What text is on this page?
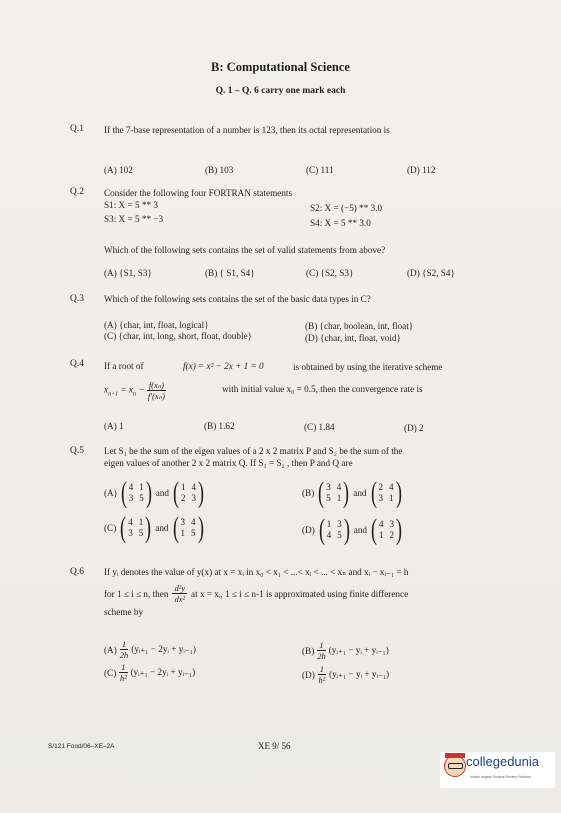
B: Computational Science
Q. 1 – Q. 6 carry one mark each
Q.1 If the 7-base representation of a number is 123, then its octal representation is
(A) 102	(B) 103	(C) 111	(D) 112
Q.2 Consider the following four FORTRAN statements
S1: X = 5 ** 3	S2: X = (−5) ** 3.0
S3: X = 5 ** −3	S4: X = 5 ** 3.0
Which of the following sets contains the set of valid statements from above?
(A) {S1, S3}	(B) { S1, S4}	(C) {S2, S3}	(D) {S2, S4}
Q.3 Which of the following sets contains the set of the basic data types in C?
(A) {char, int, float, logical}	(B) {char, boolean, int, float}
(C) {char, int, long, short, float, double}	(D) {char, int, float, void}
Q.4 If a root of	f(x) = x² − 2x + 1 = 0	is obtained by using the iterative scheme
$x_{n+1} = x_n - \frac{\text{f(xₙ)}}{\text{f′(xₙ)}}$	with initial value x₀ = 0.5, then the convergence rate is
(A) 1	(B) 1.62	(C) 1.84	(D) 2
Q.5 Let S₁ be the sum of the eigen values of a 2 x 2 matrix P and S₂ be the sum of the
eigen values of another 2 x 2 matrix Q. If S₁ = S₂ , then P and Q are
(A) ( 4 1
3 5 ) and ( 1 4
2 3 )	(B) ( 3 4
5 1 ) and ( 2 4
3 1 )
(C) ( 4 1
3 5 ) and ( 3 4
1 5 )	(D) ( 1 3
4 5 ) and ( 4 3
1 2 )
Q.6 If yᵢ denotes the value of y(x) at x = xᵢ in x₀ < x₁ < ...< xᵢ < ... < xₙ and xᵢ − xᵢ₋₁ = h
for 1 ≤ i ≤ n, then $\frac{\text{d²y}}{\text{dx²}}$ at x = xᵢ, 1 ≤ i ≤ n-1 is approximated using finite difference
scheme by
$(A) \frac{1}{2h}$ (yᵢ₊₁ − 2yᵢ + yᵢ₋₁)	$(B) \frac{1}{2h}$ (yᵢ₊₁ − yᵢ + yᵢ₋₁)
$(C) \frac{1}{\text{h²}}$ (yᵢ₊₁ − 2yᵢ + yᵢ₋₁)	$(D) \frac{1}{\text{h²}}$ (yᵢ₊₁ − yᵢ + yᵢ₋₁)
S/121 Food/06–XE–2A	XE 9/ 56
collegedunia
India's largest Student Review Platform
